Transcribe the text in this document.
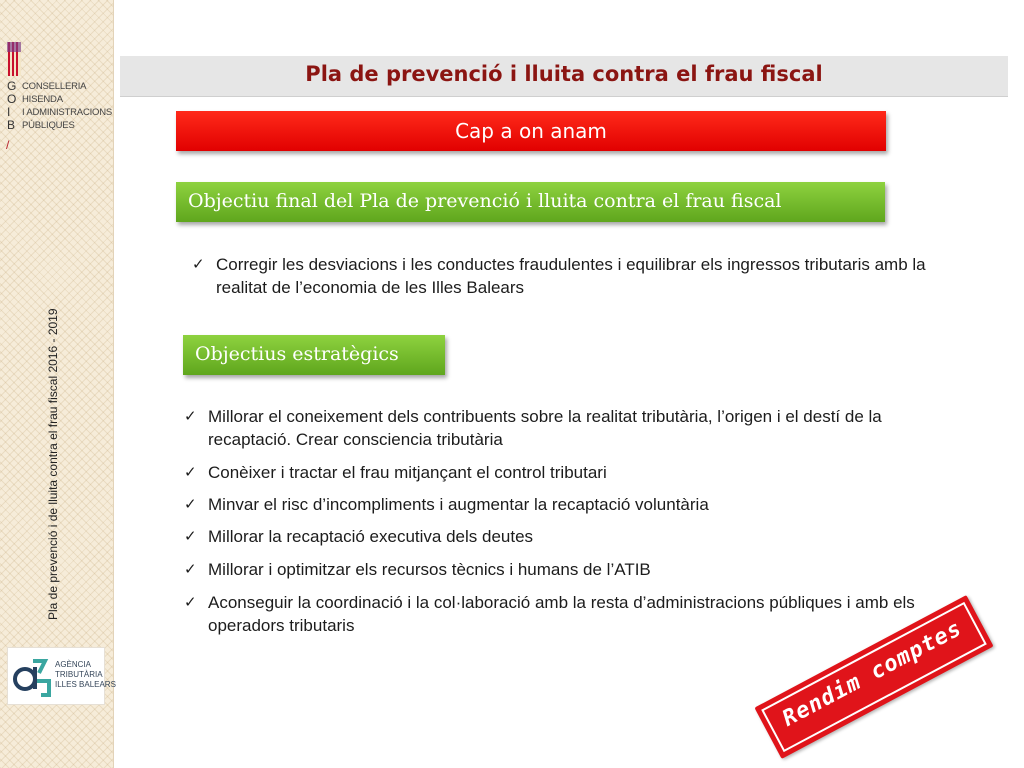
G
O
I
B
/
CONSELLERIA
HISENDA
I ADMINISTRACIONS
PÚBLIQUES
Pla de prevenció i de lluita contra el frau fiscal 2016 - 2019
AGÈNCIA
TRIBUTÀRIA
ILLES BALEARS
Pla de prevenció i lluita contra el frau fiscal
Cap a on anam
Objectiu final del Pla de prevenció i lluita contra el frau fiscal
✓ Corregir les desviacions i les conductes fraudulentes i equilibrar els ingressos tributaris amb la realitat de l’economia de les Illes Balears
Objectius estratègics
✓ Millorar el coneixement dels contribuents sobre la realitat tributària, l’origen i el destí de la recaptació. Crear consciencia tributària
✓ Conèixer i tractar el frau mitjançant el control tributari
✓ Minvar el risc d’incompliments i augmentar la recaptació voluntària
✓ Millorar la recaptació executiva dels deutes
✓ Millorar i optimitzar els recursos tècnics i humans de l’ATIB
✓ Aconseguir la coordinació i la col·laboració amb la resta d’administracions públiques i amb els operadors tributaris	Rendim comptes
